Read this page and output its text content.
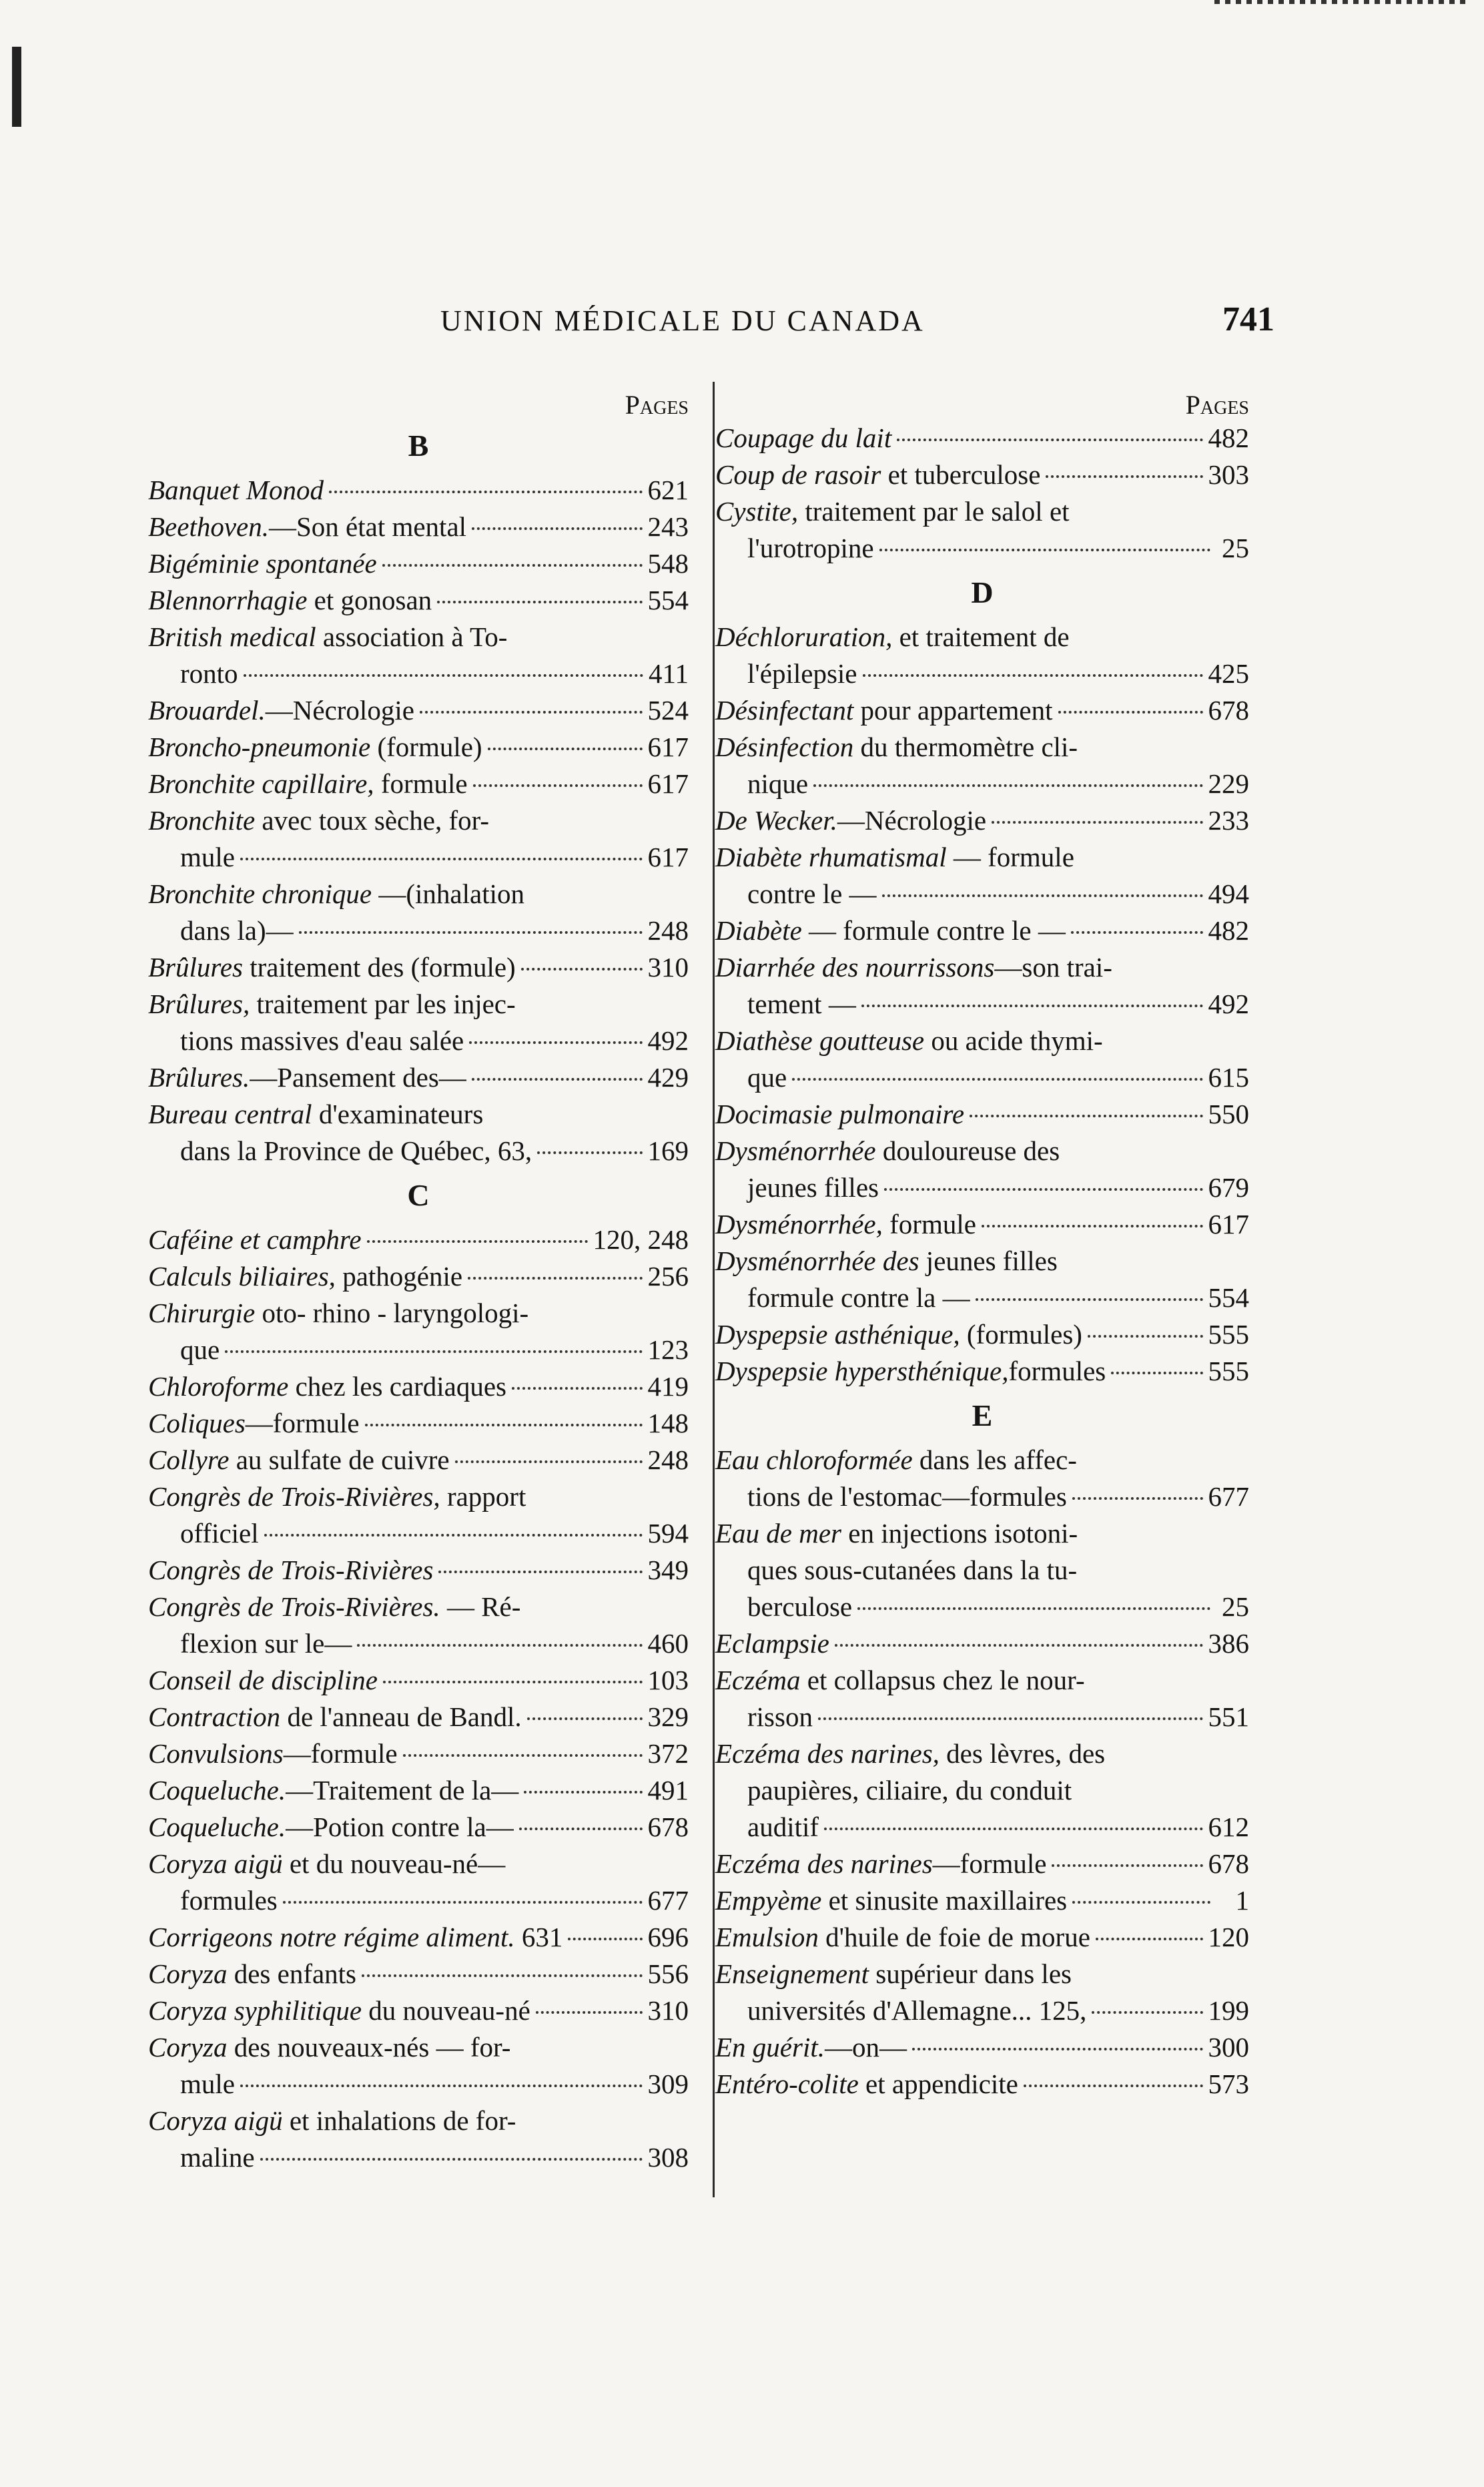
UNION MÉDICALE DU CANADA	741
Pages
B
Banquet Monod	621
Beethoven. —Son état mental	243
Bigéminie spontanée	548
Blennorrhagie et gonosan	554
British medical association à To-
ronto	411
Brouardel. —Nécrologie	524
Broncho-pneumonie (formule)	617
Bronchite capillaire, formule	617
Bronchite avec toux sèche, for-
mule	617
Bronchite chronique —(inhalation
dans la)—	248
Brûlures traitement des (formule)	310
Brûlures, traitement par les injec-
tions massives d'eau salée	492
Brûlures. —Pansement des—	429
Bureau central d'examinateurs
dans la Province de Québec, 63,	169
C
Caféine et camphre	120, 248
Calculs biliaires, pathogénie	256
Chirurgie oto- rhino - laryngologi-
que	123
Chloroforme chez les cardiaques	419
Coliques —formule	148
Collyre au sulfate de cuivre	248
Congrès de Trois-Rivières, rapport
officiel	594
Congrès de Trois-Rivières	349
Congrès de Trois-Rivières. — Ré-
flexion sur le—	460
Conseil de discipline	103
Contraction de l'anneau de Bandl.	329
Convulsions —formule	372
Coqueluche. —Traitement de la—	491
Coqueluche. —Potion contre la—	678
Coryza aigü et du nouveau-né—
formules	677
Corrigeons notre régime aliment. 631	696
Coryza des enfants	556
Coryza syphilitique du nouveau-né	310
Coryza des nouveaux-nés — for-
mule	309
Coryza aigü et inhalations de for-
maline	308
Pages
Coupage du lait	482
Coup de rasoir et tuberculose	303
Cystite, traitement par le salol et
l'urotropine	25
D
Déchloruration, et traitement de
l'épilepsie	425
Désinfectant pour appartement	678
Désinfection du thermomètre cli-
nique	229
De Wecker. —Nécrologie	233
Diabète rhumatismal — formule
contre le —	494
Diabète — formule contre le —	482
Diarrhée des nourrissons —son trai-
tement —	492
Diathèse goutteuse ou acide thymi-
que	615
Docimasie pulmonaire	550
Dysménorrhée douloureuse des
jeunes filles	679
Dysménorrhée, formule	617
Dysménorrhée des jeunes filles
formule contre la —	554
Dyspepsie asthénique, (formules)	555
Dyspepsie hypersthénique, formules	555
E
Eau chloroformée dans les affec-
tions de l'estomac—formules	677
Eau de mer en injections isotoni-
ques sous-cutanées dans la tu-
berculose	25
Eclampsie	386
Eczéma et collapsus chez le nour-
risson	551
Eczéma des narines, des lèvres, des
paupières, ciliaire, du conduit
auditif	612
Eczéma des narines —formule	678
Empyème et sinusite maxillaires	1
Emulsion d'huile de foie de morue	120
Enseignement supérieur dans les
universités d'Allemagne... 125,	199
En guérit. —on—	300
Entéro-colite et appendicite	573
